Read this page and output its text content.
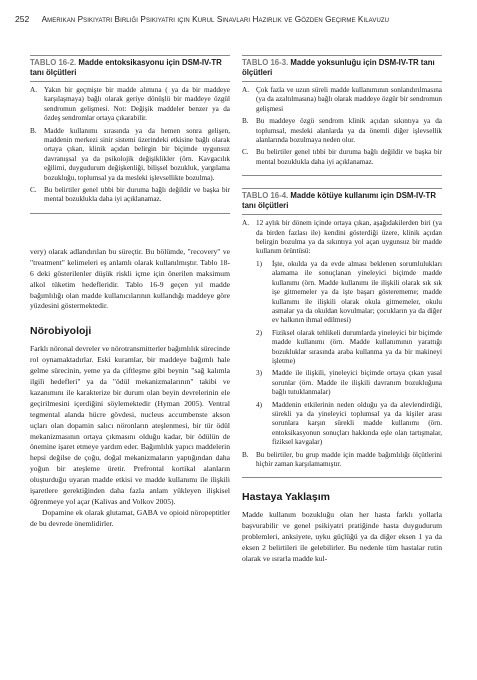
252 Amerikan Psikiyatri Birliği Psikiyatri için Kurul Sınavları Hazırlık ve Gözden Geçirme Kılavuzu
TABLO 16-2. Madde entoksikasyonu için DSM-IV-TR tanı ölçütleri
A. Yakın bir geçmişte bir madde alımına ( ya da bir maddeye karşılaşmaya) bağlı olarak geriye dönüşlü bir maddeye özgül sendromun gelişmesi. Not: Değişik maddeler benzer ya da özdeş sendromlar ortaya çıkarabilir.
B.	Madde kullanımı sırasında ya da hemen sonra gelişen, maddenin merkezi sinir sistemi üzerindeki etkisine bağlı olarak ortaya çıkan, klinik açıdan belirgin bir biçimde uygunsuz davranışsal ya da psikolojik değişiklikler (örn. Kavgacılık eğilimi, duygudurum değişkenliği, bilişsel bozukluk, yargılama bozukluğu, toplumsal ya da mesleki işlevsellikte bozulma).
C.	Bu belirtiler genel tıbbi bir duruma bağlı değildir ve başka bir mental bozuklukla daha iyi açıklanamaz.

very) olarak adlandırılan bu süreçtir. Bu bölümde, "recovery" ve "treatment" kelimeleri eş anlamlı olarak kullanılmıştır. Tablo 18-6 deki gösterilenler düşük riskli içme için önerilen maksimum alkol tüketim hedefleridir. Tablo 16-9 geçen yıl madde bağımlılığı olan madde kullanıcılarının kullandığı maddeye göre yüzdesini göstermektedir.

Nörobiyoloji

Farklı nöronal devreler ve nörotransmitterler bağımlılık sürecinde rol oynamaktadırlar. Eski kuramlar, bir maddeye bağımlı hale gelme sürecinin, yeme ya da çiftleşme gibi beynin "sağ kalımla ilgili hedefleri" ya da "ödül mekanizmalarının" takibi ve kazanımını ile karakterize bir durum olan beyin devrelerinin ele geçirilmesini içerdiğini söylemektedir (Hyman 2005). Ventral tegmental alanda hücre gövdesi, nucleus accumbenste akson uçları olan dopamin salıcı nöronların ateşlenmesi, bir tür ödül mekanizmasının ortaya çıkmasını olduğu kadar, bir ödülün de önemine işaret etmeye yardım eder. Bağımlılık yapıcı maddelerin hepsi değilse de çoğu, doğal mekanizmaların yaptığından daha yoğun bir ateşleme üretir. Prefrontal kortikal alanların olușturduğu uyaran madde etkisi ve madde kullanımı ile ilişkili işaretlere gerektiğinden daha fazla anlam yükleyen ilişkisel öğrenmeye yol açar (Kalivas and Volkov 2005).

Dopamine ek olarak glutamat, GABA ve opioid nöropeptitler de bu devrede önemlidirler.

TABLO 16-3. Madde yoksunluğu için DSM-IV-TR tanı ölçütleri
A. Çok fazla ve uzun süreli madde kullanımının sonlandırılmasına (ya da azaltılmasına) bağlı olarak maddeye özgür bir sendromun gelişmesi
B.	Bu maddeye özgü sendrom klinik açıdan sıkıntıya ya da toplumsal, mesleki alanlarda ya da önemli diğer işlevsellik alanlarında bozulmaya neden olur.
C.	Bu belirtiler genel tıbbi bir duruma bağlı değildir ve başka bir mental bozuklukla daha iyi açıklanamaz.
TABLO 16-4. Madde kötüye kullanımı için DSM-IV-TR tanı ölçütleri
A. 12 aylık bir dönem içinde ortaya çıkan, aşağıdakilerden biri (ya da birden fazlası ile) kendini gösterdiği üzere, klinik açıdan belirgin bozulma ya da sıkıntıya yol açan uygunsuz bir madde kullanım örüntüsü:
1)	İşte, okulda ya da evde alması beklenen sorumlulukları alamama ile sonuçlanan yineleyici biçimde madde kullanımı (örn. Madde kullanımı ile ilişkili olarak sık sık işe gitmemeler ya da işte başarı gösterememe; madde kullanımı ile ilişkili olarak okula gitmemeler, okulu asmalar ya da okuldan kovulmalar; çocukların ya da diğer ev halkının ihmal edilmesi)
2)	Fiziksel olarak tehlikeli durumlarda yineleyici bir biçimde madde kullanımı (örn. Madde kullanımının yarattığı bozukluklar sırasında araba kullanma ya da bir makineyi işletme)
3)	Madde ile ilişkili, yineleyici biçimde ortaya çıkan yasal sorunlar (örn. Madde ile ilişkili davranım bozukluğuna bağlı tutuklanmalar)
4)	Maddenin etkilerinin neden olduğu ya da alevlendirdiği, sürekli ya da yineleyici toplumsal ya da kişiler arası sorunlara karşın sürekli madde kullanımı (örn. entoksikasyonun sonuçları hakkında eşle olan tartışmalar, fiziksel kavgalar)
B.	Bu belirtiler, bu grup madde için madde bağımlılığı ölçütlerini hiçbir zaman karşılamamıştır.
Hastaya Yaklaşım

Madde kullanım bozukluğu olan her hasta farklı yollarla başvurabilir ve genel psikiyatri pratiğinde hasta duygudurum problemleri, anksiyete, uyku güçlüğü ya da diğer eksen 1 ya da eksen 2 belirtileri ile gelebilirler. Bu nedenle tüm hastalar rutin olarak ve ısrarla madde kul-
